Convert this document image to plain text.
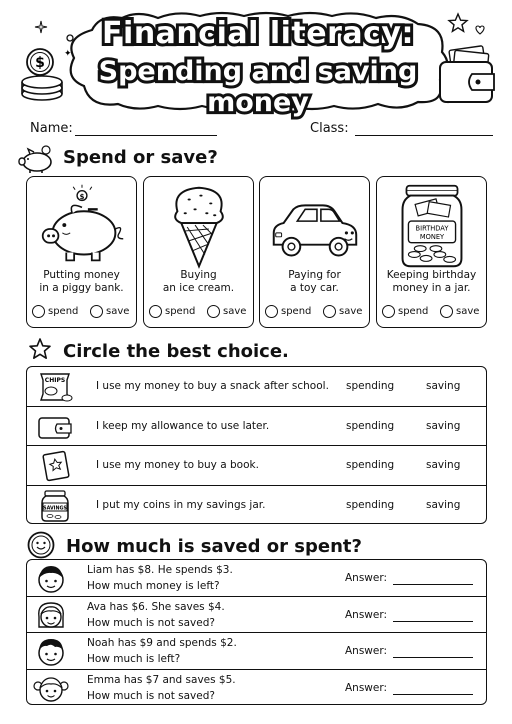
Financial literacy:
Spending and saving money
$
✦
Name:	Class:
Spend or save?
$
Putting money
in a piggy bank.
spend	save
Buying
an ice cream.
spend	save
Paying for
a toy car.
spend	save
BIRTHDAY
MONEY
Keeping birthday
money in a jar.
spend	save
Circle the best choice.
CHIPS	I use my money to buy a snack after school. spending	saving
I keep my allowance to use later.	spending	saving
I use my money to buy a book.	spending	saving
SAVINGS	I put my coins in my savings jar.	spending	saving
How much is saved or spent?
Liam has $8. He spends $3.
How much money is left?
Answer:
Ava has $6. She saves $4.
How much is not saved?
Answer:
Noah has $9 and spends $2.
How much is left?
Answer:
Emma has $7 and saves $5.
How much is not saved?
Answer:
